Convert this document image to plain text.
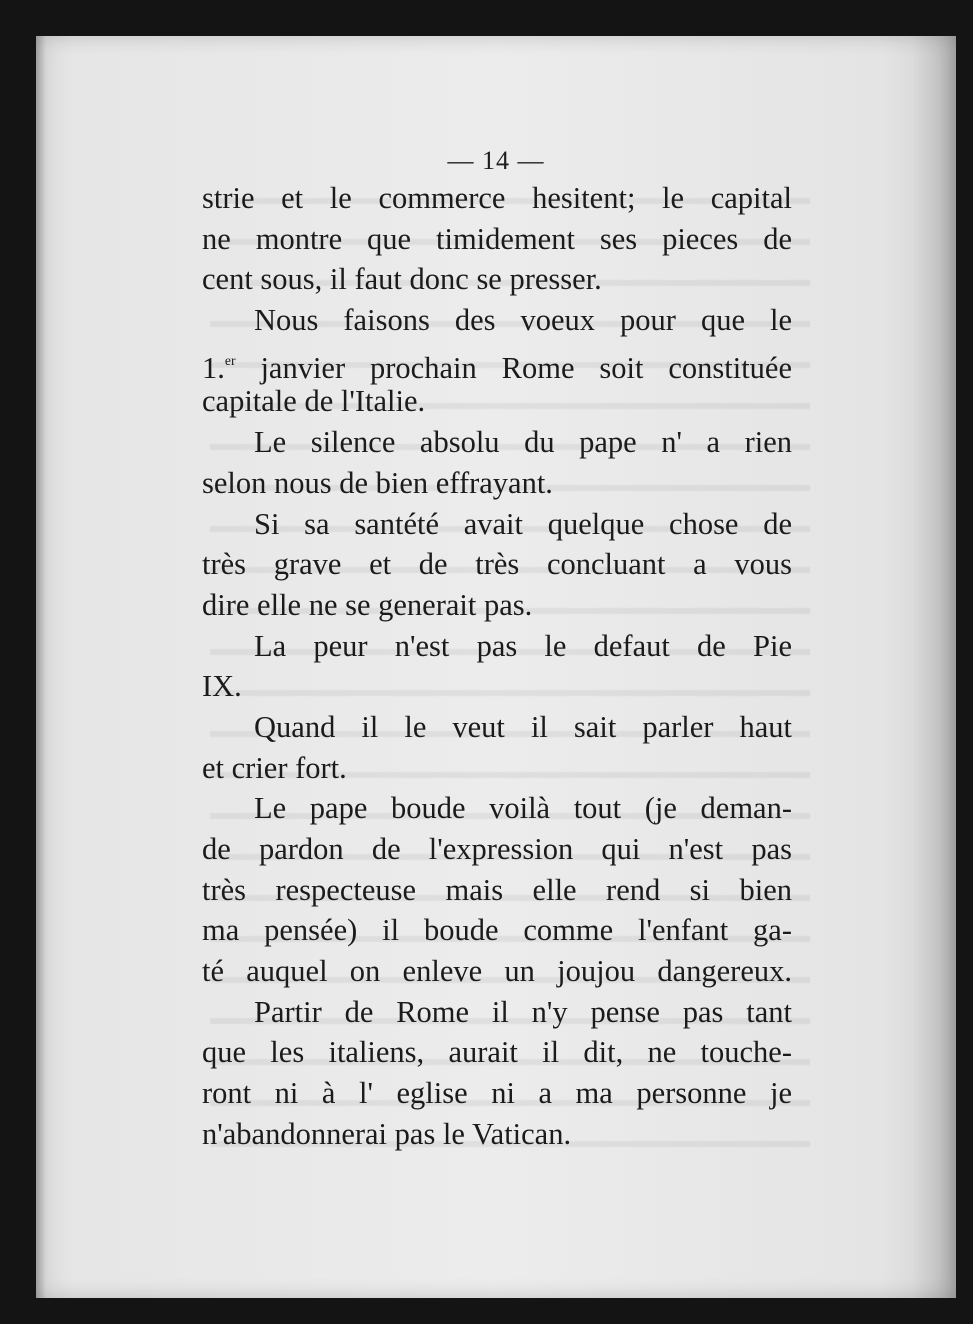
— 14 —
strie et le commerce hesitent; le capital
ne montre que timidement ses pieces de
cent sous, il faut donc se presser.
Nous faisons des voeux pour que le
1.$^{er}$ janvier prochain Rome soit constituée
capitale de l'Italie.
Le silence absolu du pape n' a rien
selon nous de bien effrayant.
Si sa santété avait quelque chose de
très grave et de très concluant a vous
dire elle ne se generait pas.
La peur n'est pas le defaut de Pie
IX.
Quand il le veut il sait parler haut
et crier fort.
Le pape boude voilà tout (je deman-
de pardon de l'expression qui n'est pas
très respecteuse mais elle rend si bien
ma pensée) il boude comme l'enfant ga-
té auquel on enleve un joujou dangereux.
Partir de Rome il n'y pense pas tant
que les italiens, aurait il dit, ne touche-
ront ni à l' eglise ni a ma personne je
n'abandonnerai pas le Vatican.
